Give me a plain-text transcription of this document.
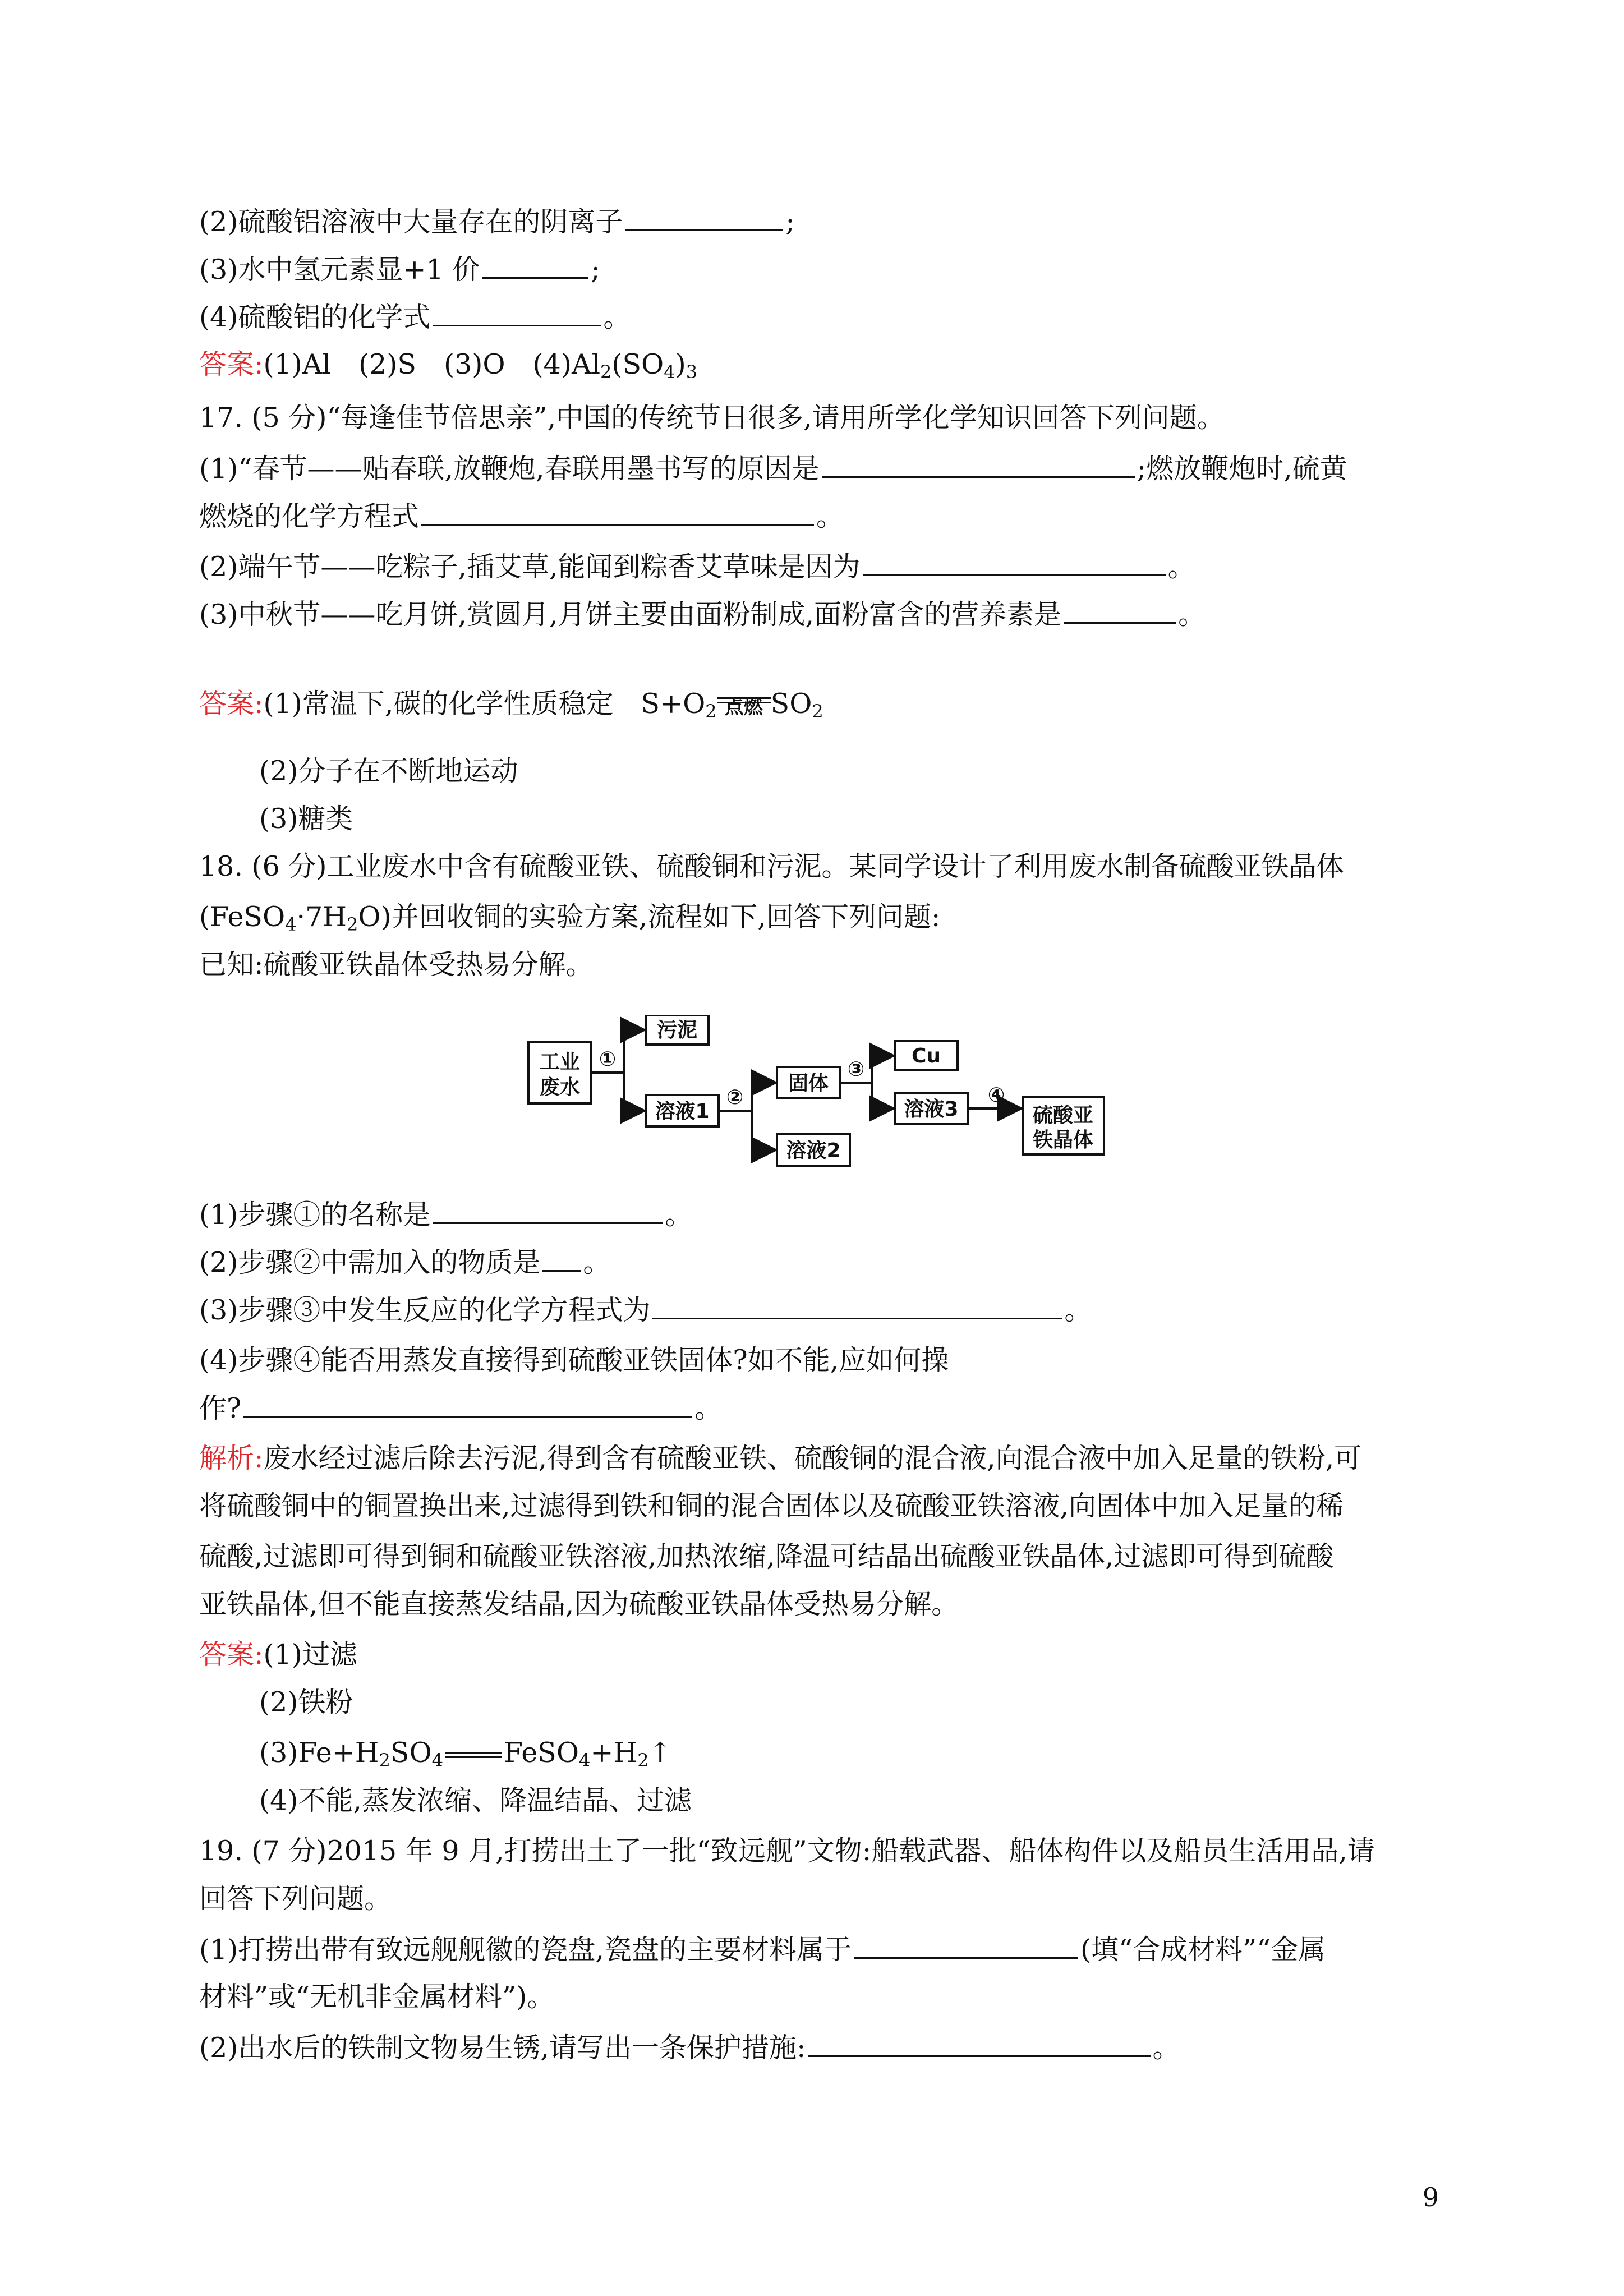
(2)硫酸铝溶液中大量存在的阴离子	;
(3)水中氢元素显+1 价	;
(4)硫酸铝的化学式	。
答案:(1)Al　(2)S　(3)O　$(4)Al_2(SO_4)_3$
17. (5 分)“每逢佳节倍思亲”,中国的传统节日很多,请用所学化学知识回答下列问题。
(1)“春节——贴春联,放鞭炮,春联用墨书写的原因是	;燃放鞭炮时,硫黄
燃烧的化学方程式	。
(2)端午节——吃粽子,插艾草,能闻到粽香艾草味是因为	。
(3)中秋节——吃月饼,赏圆月,月饼主要由面粉制成,面粉富含的营养素是	。
答案:(1)常温下,碳的化学性质稳定　$S+O_2$ 点燃 $SO_2$
(2)分子在不断地运动
(3)糖类
18. (6 分)工业废水中含有硫酸亚铁、硫酸铜和污泥。某同学设计了利用废水制备硫酸亚铁晶体
$(FeSO_4\cdot 7H_2O)$并回收铜的实验方案,流程如下,回答下列问题:
已知:硫酸亚铁晶体受热易分解。
工业
废水
污泥
溶液1
固体
Cu
溶液3
溶液2
硫酸亚
铁晶体
①
②
③
④
(1)步骤①的名称是	。
(2)步骤②中需加入的物质是 。
(3)步骤③中发生反应的化学方程式为	。
(4)步骤④能否用蒸发直接得到硫酸亚铁固体?如不能,应如何操
作?	。
解析:废水经过滤后除去污泥,得到含有硫酸亚铁、硫酸铜的混合液,向混合液中加入足量的铁粉,可
将硫酸铜中的铜置换出来,过滤得到铁和铜的混合固体以及硫酸亚铁溶液,向固体中加入足量的稀
硫酸,过滤即可得到铜和硫酸亚铁溶液,加热浓缩,降温可结晶出硫酸亚铁晶体,过滤即可得到硫酸
亚铁晶体,但不能直接蒸发结晶,因为硫酸亚铁晶体受热易分解。
答案:(1)过滤
(2)铁粉
$(3)Fe+H_2SO_4$ $FeSO_4+H_2↑$
(4)不能,蒸发浓缩、降温结晶、过滤
19. (7 分)2015 年 9 月,打捞出土了一批“致远舰”文物:船载武器、船体构件以及船员生活用品,请
回答下列问题。
(1)打捞出带有致远舰舰徽的瓷盘,瓷盘的主要材料属于	(填“合成材料”“金属
材料”或“无机非金属材料”)。
(2)出水后的铁制文物易生锈,请写出一条保护措施:	。
9
